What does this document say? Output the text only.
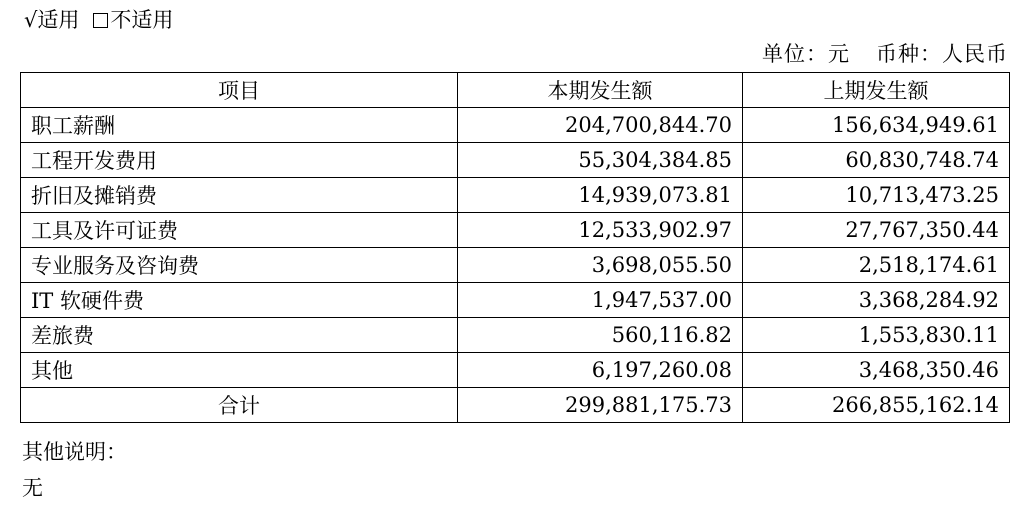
√适用 不适用
单位：元 币种：人民币
项目	本期发生额	上期发生额
职工薪酬	204,700,844.70	156,634,949.61
工程开发费用	55,304,384.85	60,830,748.74
折旧及摊销费	14,939,073.81	10,713,473.25
工具及许可证费	12,533,902.97	27,767,350.44
专业服务及咨询费	3,698,055.50	2,518,174.61
IT 软硬件费	1,947,537.00	3,368,284.92
差旅费	560,116.82	1,553,830.11
其他	6,197,260.08	3,468,350.46
合计	299,881,175.73	266,855,162.14
其他说明：
无
